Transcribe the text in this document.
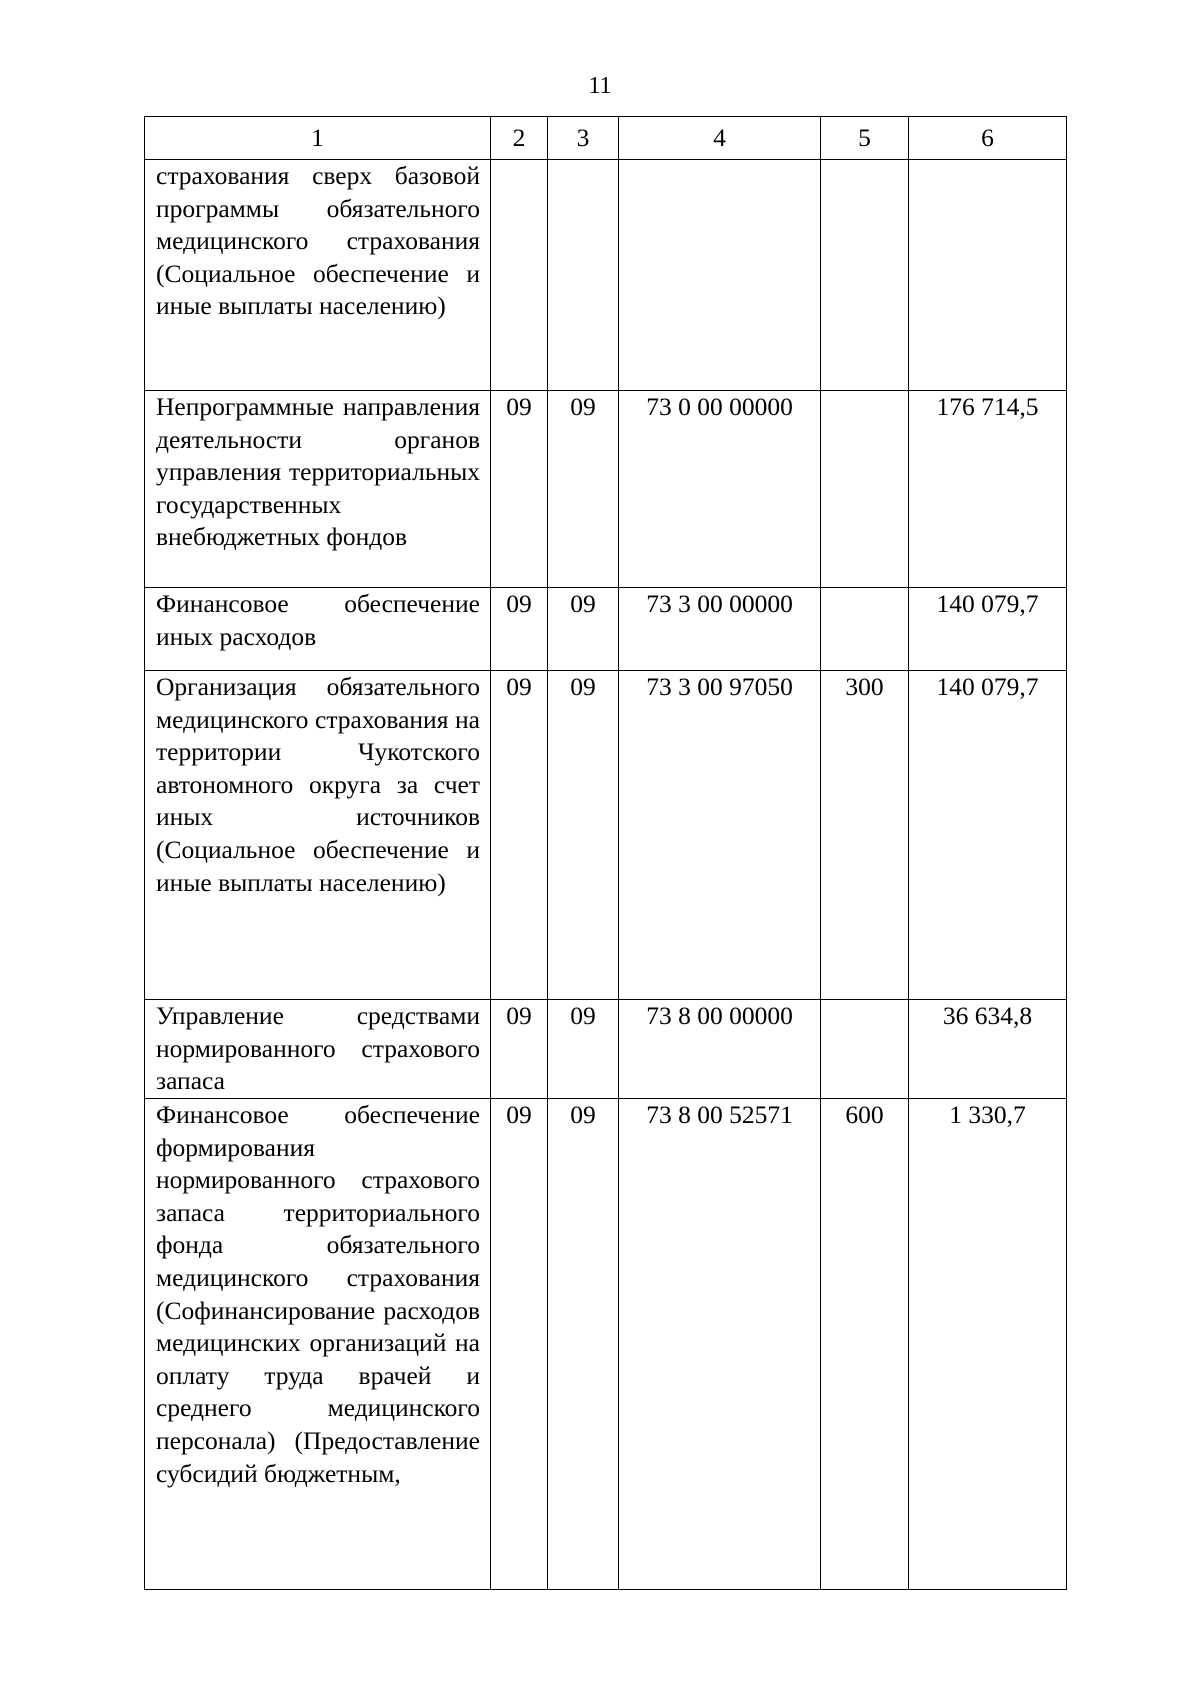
11
1	2	3	4	5	6
страхования сверх базовой программы обязательного медицинского страхования (Социальное обеспечение и иные выплаты населению)					
Непрограммные направления деятельности органов управления территориальных государственных внебюджетных фондов	09	09	73 0 00 00000		176 714,5
Финансовое обеспечение иных расходов	09	09	73 3 00 00000		140 079,7
Организация обязательного медицинского страхования на территории Чукотского автономного округа за счет иных источников (Социальное обеспечение и иные выплаты населению)	09	09	73 3 00 97050	300	140 079,7
Управление средствами нормированного страхового запаса	09	09	73 8 00 00000		36 634,8
Финансовое обеспечение формирования нормированного страхового запаса территориального фонда обязательного медицинского страхования (Софинансирование расходов медицинских организаций на оплату труда врачей и среднего медицинского персонала) (Предоставление субсидий бюджетным,	09	09	73 8 00 52571	600	1 330,7
